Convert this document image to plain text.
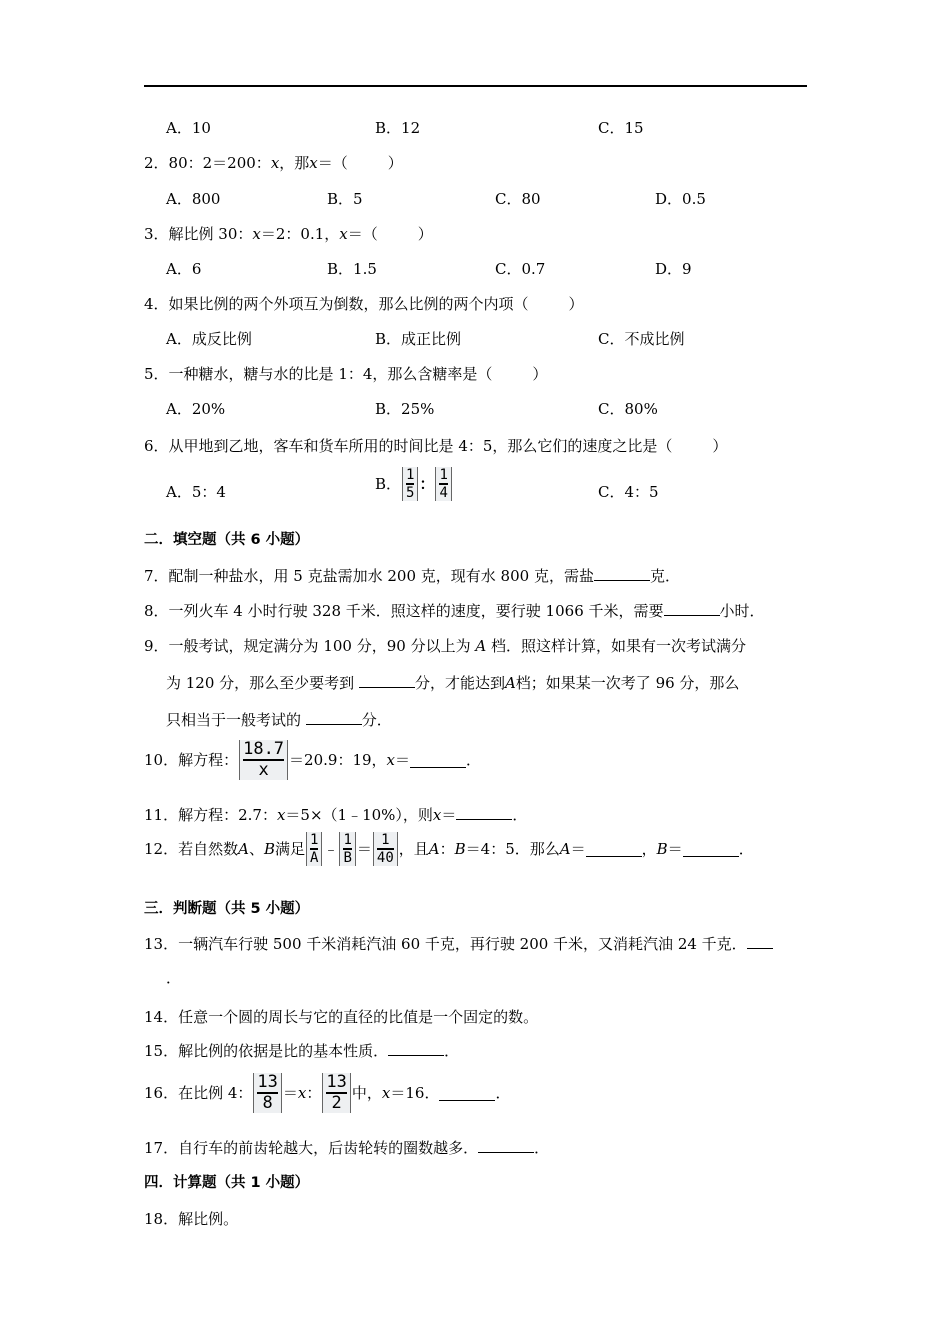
A．10	B．12	C．15
2．80：2＝200：x，那x＝（	）
A．800	B．5	C．80	D．0.5
3．解比例 30：x＝2：0.1，x＝（	）
A．6	B．1.5	C．0.7	D．9
4．如果比例的两个外项互为倒数，那么比例的两个内项（	）
A．成反比例	B．成正比例	C．不成比例
5．一种糖水，糖与水的比是 1：4，那么含糖率是（	）
A．20%	B．25%	C．80%
6．从甲地到乙地，客车和货车所用的时间比是 4：5，那么它们的速度之比是（	）
A．5：4	B． $\frac{1}{5}$ ： $\frac{1}{4}$	C．4：5
二．填空题（共 6 小题）
7．配制一种盐水，用 5 克盐需加水 200 克，现有水 800 克，需盐	克．
8．一列火车 4 小时行驶 328 千米．照这样的速度，要行驶 1066 千米，需要	小时．
9．一般考试，规定满分为 100 分，90 分以上为 A 档．照这样计算，如果有一次考试满分
为 120 分，那么至少要考到	分，才能达到A档；如果某一次考了 96 分，那么
只相当于一般考试的	分．
10．解方程： $\frac{18.7}{x} =20.9$：19， x ＝	．
11．解方程：2.7：x＝5×（1﹣10%），则x＝	．
12．若自然数 A 、 B 满足 $\frac{1}{A}$ ﹣ $\frac{1}{B} = \frac{1}{40}$ ，且 A ： B ＝4：5．那么 A ＝	， B ＝	．
三．判断题（共 5 小题）
13．一辆汽车行驶 500 千米消耗汽油 60 千克，再行驶 200 千米，又消耗汽油 24 千克．
．
14．任意一个圆的周长与它的直径的比值是一个固定的数。
15．解比例的依据是比的基本性质．	．
16．在比例 4： $\frac{13}{8} = x$ ： $\frac{13}{2}$ 中， x ＝16．	．
17．自行车的前齿轮越大，后齿轮转的圈数越多．	．
四．计算题（共 1 小题）
18．解比例。
